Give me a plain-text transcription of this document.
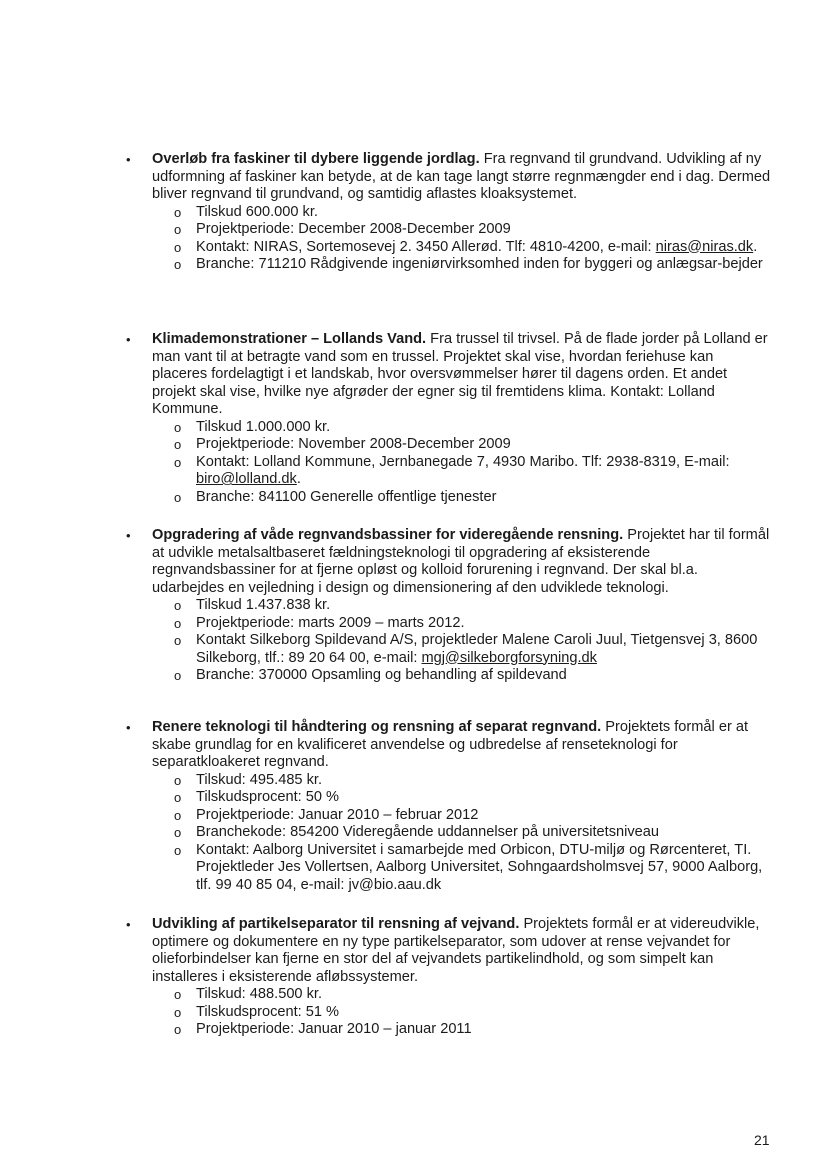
•	Overløb fra faskiner til dybere liggende jordlag. Fra regnvand til grundvand. Udvikling af ny udformning af faskiner kan betyde, at de kan tage langt større regnmængder end i dag. Dermed bliver regnvand til grundvand, og samtidig aflastes kloaksystemet.
o Tilskud 600.000 kr.
o Projektperiode: December 2008-December 2009
o Kontakt: NIRAS, Sortemosevej 2. 3450 Allerød. Tlf: 4810-4200, e-mail: niras@niras.dk.
o Branche: 711210 Rådgivende ingeniørvirksomhed inden for byggeri og anlægsar-bejder
•	Klimademonstrationer – Lollands Vand. Fra trussel til trivsel. På de flade jorder på Lolland er man vant til at betragte vand som en trussel. Projektet skal vise, hvordan feriehuse kan placeres fordelagtigt i et landskab, hvor oversvømmelser hører til dagens orden. Et andet projekt skal vise, hvilke nye afgrøder der egner sig til fremtidens klima. Kontakt: Lolland Kommune.
o Tilskud 1.000.000 kr.
o Projektperiode: November 2008-December 2009
o Kontakt: Lolland Kommune, Jernbanegade 7, 4930 Maribo. Tlf: 2938-8319, E-mail: biro@lolland.dk.
o Branche: 841100 Generelle offentlige tjenester
•	Opgradering af våde regnvandsbassiner for videregående rensning. Projektet har til formål at udvikle metalsaltbaseret fældningsteknologi til opgradering af eksisterende regnvandsbassiner for at fjerne opløst og kolloid forurening i regnvand. Der skal bl.a. udarbejdes en vejledning i design og dimensionering af den udviklede teknologi.
o Tilskud 1.437.838 kr.
o Projektperiode: marts 2009 – marts 2012.
o Kontakt Silkeborg Spildevand A/S, projektleder Malene Caroli Juul, Tietgensvej 3, 8600 Silkeborg, tlf.: 89 20 64 00, e-mail: mgj@silkeborgforsyning.dk
o Branche: 370000 Opsamling og behandling af spildevand
•	Renere teknologi til håndtering og rensning af separat regnvand. Projektets formål er at skabe grundlag for en kvalificeret anvendelse og udbredelse af renseteknologi for separatkloakeret regnvand.
o Tilskud: 495.485 kr.
o Tilskudsprocent: 50 %
o Projektperiode: Januar 2010 – februar 2012
o Branchekode: 854200 Videregående uddannelser på universitetsniveau
o Kontakt: Aalborg Universitet i samarbejde med Orbicon, DTU-miljø og Rørcenteret, TI. Projektleder Jes Vollertsen, Aalborg Universitet, Sohngaardsholmsvej 57, 9000 Aalborg, tlf. 99 40 85 04, e-mail: jv@bio.aau.dk
•	Udvikling af partikelseparator til rensning af vejvand. Projektets formål er at videreudvikle, optimere og dokumentere en ny type partikelseparator, som udover at rense vejvandet for olieforbindelser kan fjerne en stor del af vejvandets partikelindhold, og som simpelt kan installeres i eksisterende afløbssystemer.
o Tilskud: 488.500 kr.
o Tilskudsprocent: 51 %
o Projektperiode: Januar 2010 – januar 2011
21
